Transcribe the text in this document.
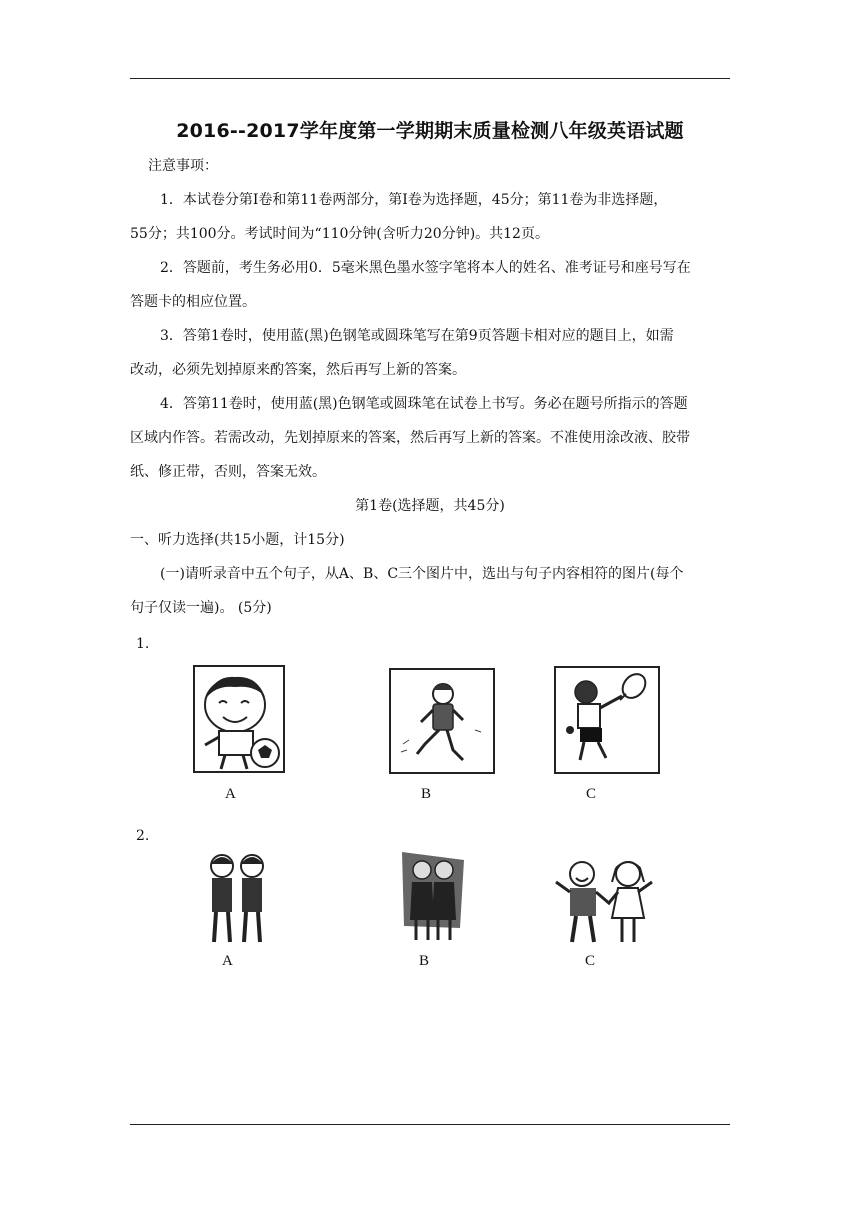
2016--2017学年度第一学期期末质量检测八年级英语试题
注意事项：
1．本试卷分第Ⅰ卷和第11卷两部分，第Ⅰ卷为选择题，45分；第11卷为非选择题，
55分；共100分。考试时间为“110分钟(含听力20分钟)。共12页。
2．答题前，考生务必用0．5毫米黑色墨水签字笔将本人的姓名、准考证号和座号写在
答题卡的相应位置。
3．答第1卷时，使用蓝(黑)色钢笔或圆珠笔写在第9页答题卡相对应的题目上，如需
改动，必须先划掉原来酌答案，然后再写上新的答案。
4．答第11卷时，使用蓝(黑)色钢笔或圆珠笔在试卷上书写。务必在题号所指示的答题
区域内作答。若需改动，先划掉原来的答案，然后再写上新的答案。不准使用涂改液、胶带
纸、修正带，否则，答案无效。
第1卷(选择题，共45分)
一、听力选择(共15小题，计15分)
(一)请听录音中五个句子，从A、B、C三个图片中，选出与句子内容相符的图片(每个
句子仅读一遍)。 (5分)
1.
A	B	C
2.
A	B	C
